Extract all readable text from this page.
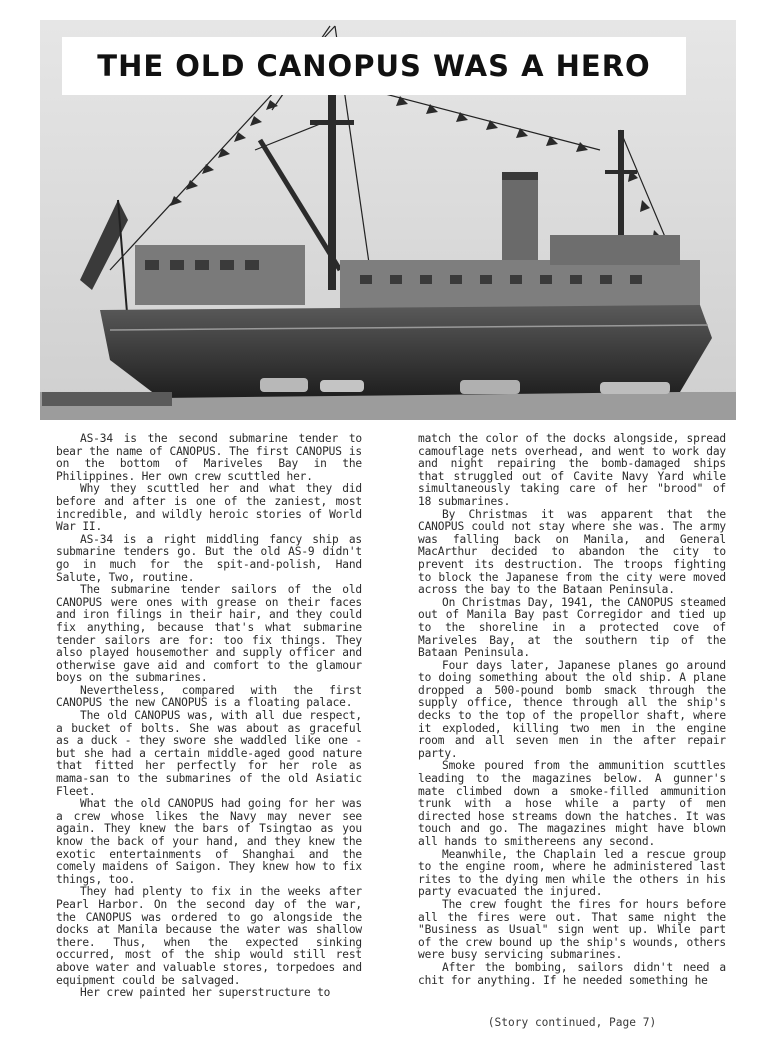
THE OLD CANOPUS WAS A HERO

AS-34 is the second submarine tender to bear the name of CANOPUS. The first CANOPUS is on the bottom of Mariveles Bay in the Philippines. Her own crew scuttled her.

Why they scuttled her and what they did before and after is one of the zaniest, most incredible, and wildly heroic stories of World War II.

AS-34 is a right middling fancy ship as submarine tenders go. But the old AS-9 didn't go in much for the spit-and-polish, Hand Salute, Two, routine.

The submarine tender sailors of the old CANOPUS were ones with grease on their faces and iron filings in their hair, and they could fix anything, because that's what submarine tender sailors are for: too fix things. They also played housemother and supply officer and otherwise gave aid and comfort to the glamour boys on the submarines.

Nevertheless, compared with the first CANOPUS the new CANOPUS is a floating palace.

The old CANOPUS was, with all due respect, a bucket of bolts. She was about as graceful as a duck - they swore she waddled like one - but she had a certain middle-aged good nature that fitted her perfectly for her role as mama-san to the submarines of the old Asiatic Fleet.

What the old CANOPUS had going for her was a crew whose likes the Navy may never see again. They knew the bars of Tsingtao as you know the back of your hand, and they knew the exotic entertainments of Shanghai and the comely maidens of Saigon. They knew how to fix things, too.

They had plenty to fix in the weeks after Pearl Harbor. On the second day of the war, the CANOPUS was ordered to go alongside the docks at Manila because the water was shallow there. Thus, when the expected sinking occurred, most of the ship would still rest above water and valuable stores, torpedoes and equipment could be salvaged.

Her crew painted her superstructure to

match the color of the docks alongside, spread camouflage nets overhead, and went to work day and night repairing the bomb-damaged ships that struggled out of Cavite Navy Yard while simultaneously taking care of her "brood" of 18 submarines.

By Christmas it was apparent that the CANOPUS could not stay where she was. The army was falling back on Manila, and General MacArthur decided to abandon the city to prevent its destruction. The troops fighting to block the Japanese from the city were moved across the bay to the Bataan Peninsula.

On Christmas Day, 1941, the CANOPUS steamed out of Manila Bay past Corregidor and tied up to the shoreline in a protected cove of Mariveles Bay, at the southern tip of the Bataan Peninsula.

Four days later, Japanese planes go around to doing something about the old ship. A plane dropped a 500-pound bomb smack through the supply office, thence through all the ship's decks to the top of the propellor shaft, where it exploded, killing two men in the engine room and all seven men in the after repair party.

Smoke poured from the ammunition scuttles leading to the magazines below. A gunner's mate climbed down a smoke-filled ammunition trunk with a hose while a party of men directed hose streams down the hatches. It was touch and go. The magazines might have blown all hands to smithereens any second.

Meanwhile, the Chaplain led a rescue group to the engine room, where he administered last rites to the dying men while the others in his party evacuated the injured.

The crew fought the fires for hours before all the fires were out. That same night the "Business as Usual" sign went up. While part of the crew bound up the ship's wounds, others were busy servicing submarines.

After the bombing, sailors didn't need a chit for anything. If he needed something he

(Story continued, Page 7)
